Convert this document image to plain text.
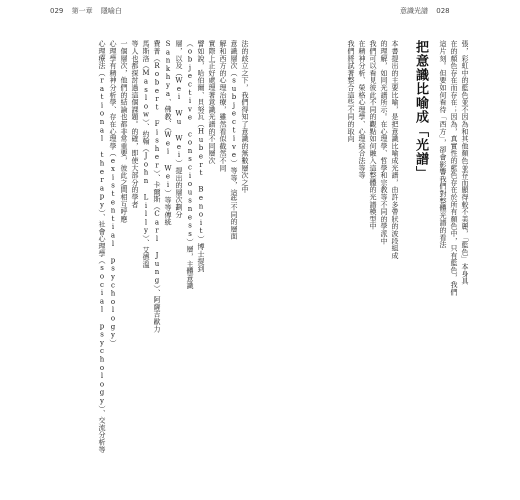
029 第一章 隱喻白	意識光譜 028
張，彩虹中的藍色並不因為和其他顏色並存而顯得較不美麗，「藍色」本身具
在的顏色存在而存在；因為，真實性的藍色存在於所有顏色中，只有藍色，我們
這片刻。但要如何看待「西方」，卻會影響我們對整體光譜的看法
把意識比喻成「光譜」
本書提出的主要比喻，是把意識比喻成光譜，由許多帶狀的波段組成
的理解，如同光譜所示。在心理學、哲學和宗教等不同的學派中
我們可以看見彼此不同的觀點如何融入這整體的光譜模型中
在精神分析、榮格心理學、心理綜合法等等
我們將試著整合這些不同的取向
法的歧立之下，我們得知了意識的無數層次之中
意識層次（subjective）等等，這些不同的層面
解和西方的心理治療，雖然看似截然不同
實際上正好處理著意識光譜的不同層次
譬如說，哈伯爾、貝努瓦（Hubert Benoit）博士提到
（objective consciousness）層，主體意識
層，以及（Wei Wu Wei）提出的層次劃分
Sankhya、佛教、（Wei Wei）等等傳統
費普（Robert Fisher）、卡爾斯（Carl Jung）、阿薩吉歐力
馬斯洛（Maslow）、約翰（John Lilly）、艾德溫
等人也都探討過這個課題。的確，即使大部分的學者
一個層次，他們的結論也都非常重要，彼此之間相互呼應
心理學有精神分析學、存在心理學（existential psychology）
心理療法（rational therapy）、社會心理學（social psychology）、交流分析等
